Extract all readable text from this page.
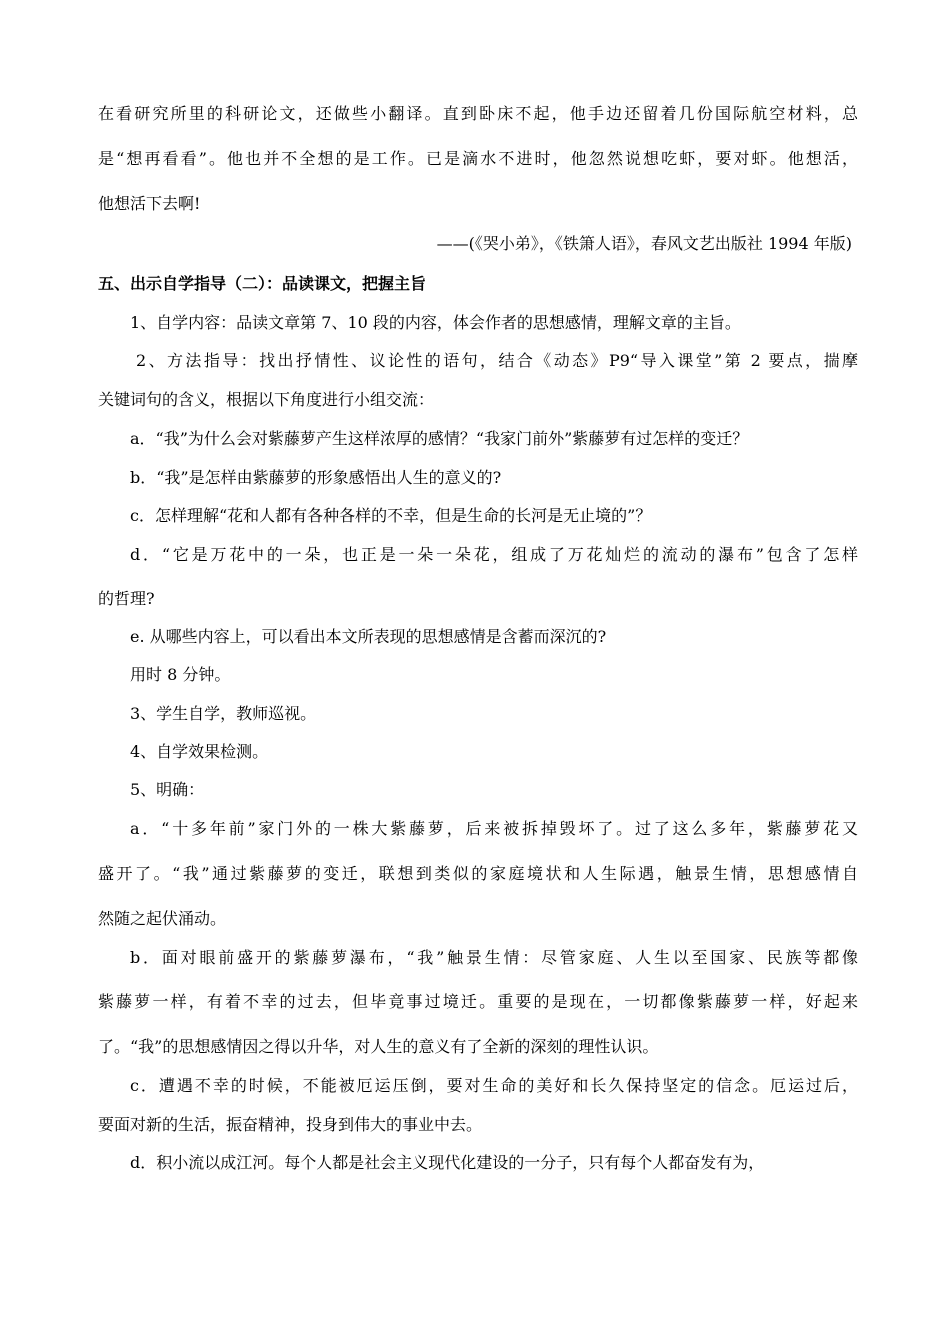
在看研究所里的科研论文，还做些小翻译。直到卧床不起，他手边还留着几份国际航空材料，总
是“想再看看”。他也并不全想的是工作。已是滴水不进时，他忽然说想吃虾，要对虾。他想活，
他想活下去啊!
——(《哭小弟》，《铁箫人语》，春风文艺出版社 1994 年版)
五、出示自学指导（二）：品读课文，把握主旨
1、自学内容：品读文章第 7、10 段的内容，体会作者的思想感情，理解文章的主旨。
2、方法指导：找出抒情性、议论性的语句，结合《动态》P9“导入课堂”第 2 要点，揣摩
关键词句的含义，根据以下角度进行小组交流：
a．“我”为什么会对紫藤萝产生这样浓厚的感情？“我家门前外”紫藤萝有过怎样的变迁？
b．“我”是怎样由紫藤萝的形象感悟出人生的意义的?
c．怎样理解“花和人都有各种各样的不幸，但是生命的长河是无止境的”？
d．“它是万花中的一朵，也正是一朵一朵花，组成了万花灿烂的流动的瀑布”包含了怎样
的哲理?
e. 从哪些内容上，可以看出本文所表现的思想感情是含蓄而深沉的?
用时 8 分钟。
3、学生自学，教师巡视。
4、自学效果检测。
5、明确：
a．“十多年前”家门外的一株大紫藤萝，后来被拆掉毁坏了。过了这么多年，紫藤萝花又
盛开了。“我”通过紫藤萝的变迁，联想到类似的家庭境状和人生际遇，触景生情，思想感情自
然随之起伏涌动。
b．面对眼前盛开的紫藤萝瀑布，“我”触景生情：尽管家庭、人生以至国家、民族等都像
紫藤萝一样，有着不幸的过去，但毕竟事过境迁。重要的是现在，一切都像紫藤萝一样，好起来
了。“我”的思想感情因之得以升华，对人生的意义有了全新的深刻的理性认识。
c．遭遇不幸的时候，不能被厄运压倒，要对生命的美好和长久保持坚定的信念。厄运过后，
要面对新的生活，振奋精神，投身到伟大的事业中去。
d．积小流以成江河。每个人都是社会主义现代化建设的一分子，只有每个人都奋发有为，
